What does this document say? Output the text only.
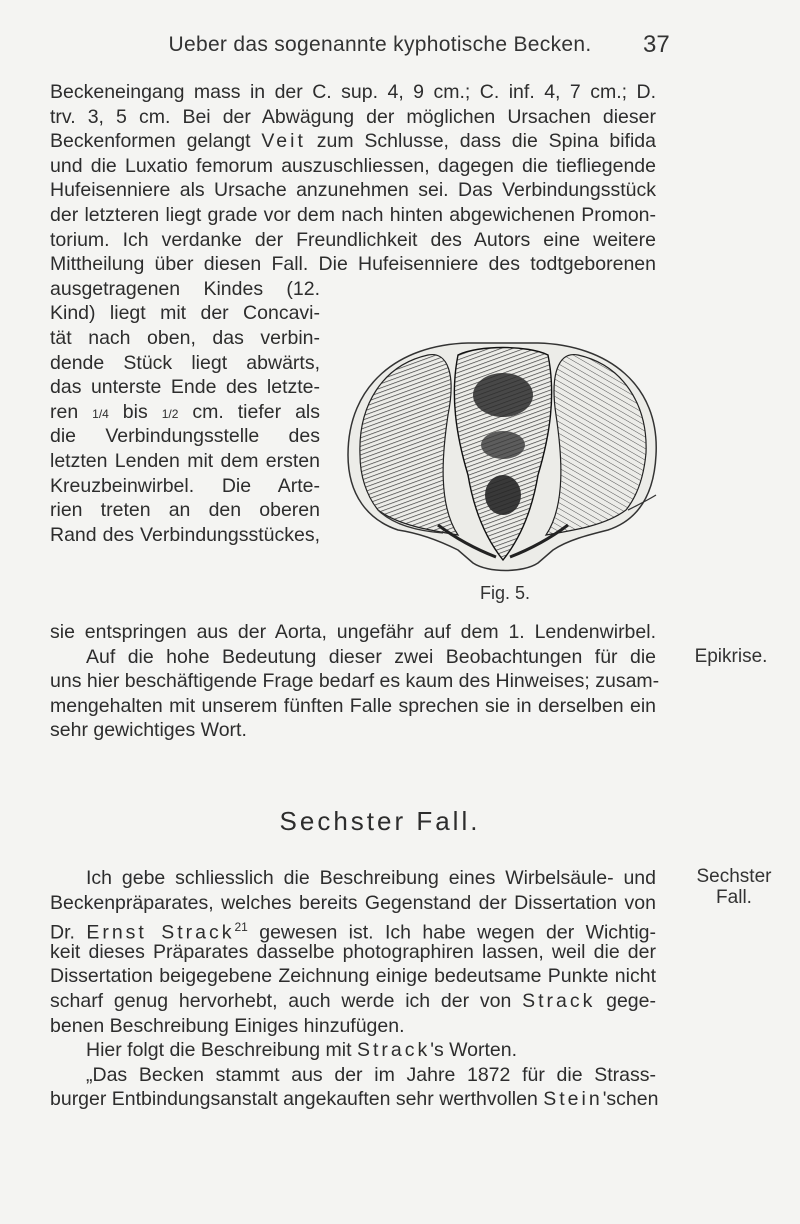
Ueber das sogenannte kyphotische Becken.	37
Beckeneingang mass in der C. sup. 4, 9 cm.; C. inf. 4, 7 cm.; D.
trv. 3, 5 cm. Bei der Abwägung der möglichen Ursachen dieser
Beckenformen gelangt Veit zum Schlusse, dass die Spina bifida
und die Luxatio femorum auszuschliessen, dagegen die tiefliegende
Hufeisenniere als Ursache anzunehmen sei. Das Verbindungsstück
der letzteren liegt grade vor dem nach hinten abgewichenen Promon-
torium. Ich verdanke der Freundlichkeit des Autors eine weitere
Mittheilung über diesen Fall. Die Hufeisenniere des todtgeborenen
ausgetragenen Kindes (12.
Kind) liegt mit der Concavi-
tät nach oben, das verbin-
dende Stück liegt abwärts,
das unterste Ende des letzte-
ren 1/4 bis 1/2 cm. tiefer als
die Verbindungsstelle des
letzten Lenden mit dem ersten
Kreuzbeinwirbel. Die Arte-
rien treten an den oberen
Rand des Verbindungsstückes,
Fig. 5.
sie entspringen aus der Aorta, ungefähr auf dem 1. Lendenwirbel.
Auf die hohe Bedeutung dieser zwei Beobachtungen für die
uns hier beschäftigende Frage bedarf es kaum des Hinweises; zusam-
mengehalten mit unserem fünften Falle sprechen sie in derselben ein
sehr gewichtiges Wort.
Epikrise.
Sechster Fall.
Ich gebe schliesslich die Beschreibung eines Wirbelsäule- und
Beckenpräparates, welches bereits Gegenstand der Dissertation von
Dr. Ernst Strack$^{21}$ gewesen ist. Ich habe wegen der Wichtig-
keit dieses Präparates dasselbe photographiren lassen, weil die der
Dissertation beigegebene Zeichnung einige bedeutsame Punkte nicht
scharf genug hervorhebt, auch werde ich der von Strack gege-
benen Beschreibung Einiges hinzufügen.
Hier folgt die Beschreibung mit Strack's Worten.
„Das Becken stammt aus der im Jahre 1872 für die Strass-
burger Entbindungsanstalt angekauften sehr werthvollen Stein'schen
Sechster
Fall.
